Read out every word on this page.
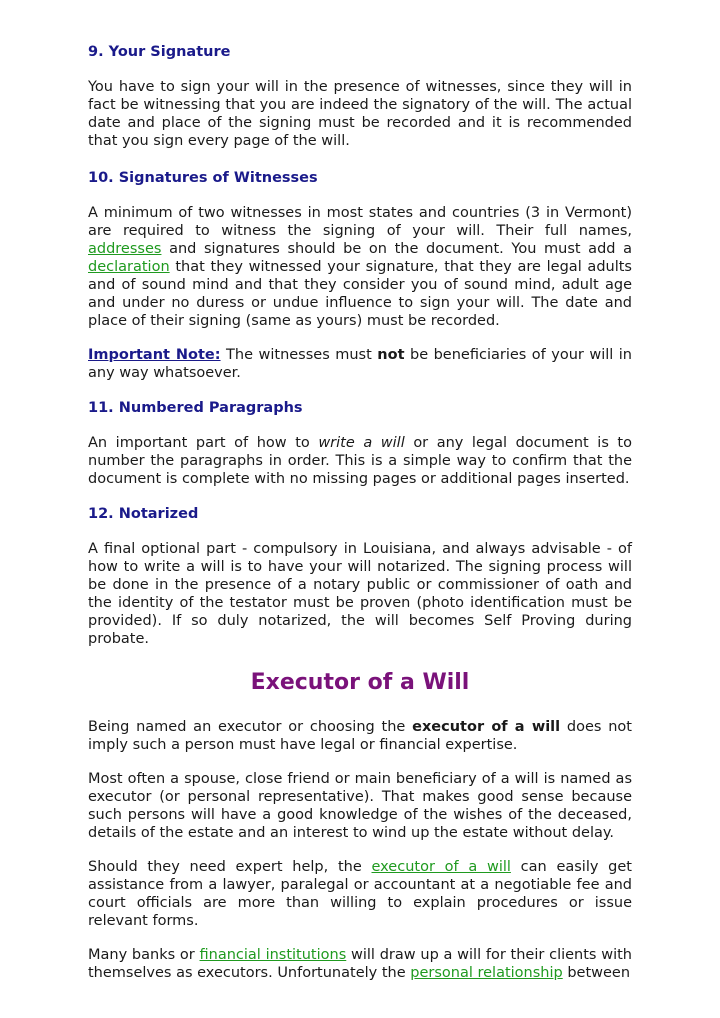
9. Your Signature

You have to sign your will in the presence of witnesses, since they will in fact be witnessing that you are indeed the signatory of the will. The actual date and place of the signing must be recorded and it is recommended that you sign every page of the will.

10. Signatures of Witnesses

A minimum of two witnesses in most states and countries (3 in Vermont) are required to witness the signing of your will. Their full names, addresses and signatures should be on the document. You must add a declaration that they witnessed your signature, that they are legal adults and of sound mind and that they consider you of sound mind, adult age and under no duress or undue influence to sign your will. The date and place of their signing (same as yours) must be recorded.

Important Note: The witnesses must not be beneficiaries of your will in any way whatsoever.

11. Numbered Paragraphs

An important part of how to write a will or any legal document is to number the paragraphs in order. This is a simple way to confirm that the document is complete with no missing pages or additional pages inserted.

12. Notarized

A final optional part - compulsory in Louisiana, and always advisable - of how to write a will is to have your will notarized. The signing process will be done in the presence of a notary public or commissioner of oath and the identity of the testator must be proven (photo identification must be provided). If so duly notarized, the will becomes Self Proving during probate.

Executor of a Will

Being named an executor or choosing the executor of a will does not imply such a person must have legal or financial expertise.

Most often a spouse, close friend or main beneficiary of a will is named as executor (or personal representative). That makes good sense because such persons will have a good knowledge of the wishes of the deceased, details of the estate and an interest to wind up the estate without delay.

Should they need expert help, the executor of a will can easily get assistance from a lawyer, paralegal or accountant at a negotiable fee and court officials are more than willing to explain procedures or issue relevant forms.

Many banks or financial institutions will draw up a will for their clients with themselves as executors. Unfortunately the personal relationship between
